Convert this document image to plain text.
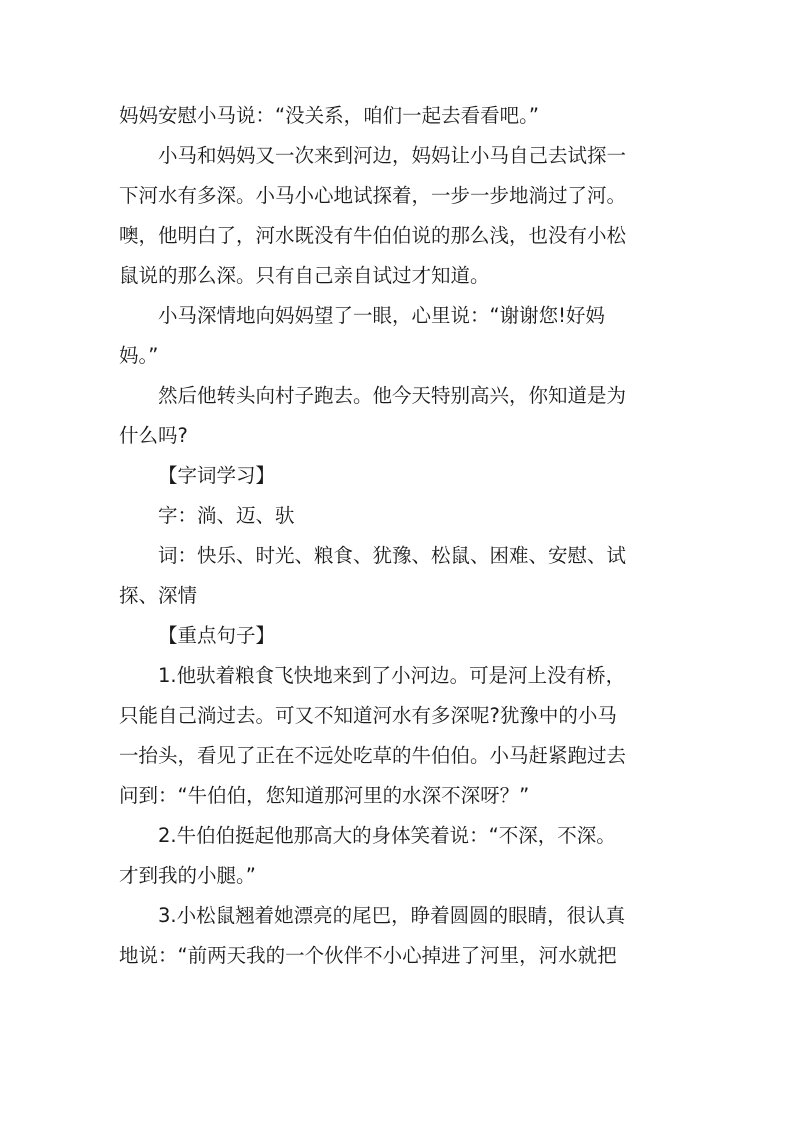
妈妈安慰小马说：“没关系，咱们一起去看看吧。”

小马和妈妈又一次来到河边，妈妈让小马自己去试探一

下河水有多深。小马小心地试探着，一步一步地淌过了河。

噢，他明白了，河水既没有牛伯伯说的那么浅，也没有小松

鼠说的那么深。只有自己亲自试过才知道。

小马深情地向妈妈望了一眼，心里说：“谢谢您!好妈

妈。”

然后他转头向村子跑去。他今天特别高兴，你知道是为

什么吗?

【字词学习】

字：淌、迈、驮

词：快乐、时光、粮食、犹豫、松鼠、困难、安慰、试

探、深情

【重点句子】

1.他驮着粮食飞快地来到了小河边。可是河上没有桥，

只能自己淌过去。可又不知道河水有多深呢?犹豫中的小马

一抬头，看见了正在不远处吃草的牛伯伯。小马赶紧跑过去

问到：“牛伯伯，您知道那河里的水深不深呀？”

2.牛伯伯挺起他那高大的身体笑着说：“不深，不深。

才到我的小腿。”

3.小松鼠翘着她漂亮的尾巴，睁着圆圆的眼睛，很认真

地说：“前两天我的一个伙伴不小心掉进了河里，河水就把
